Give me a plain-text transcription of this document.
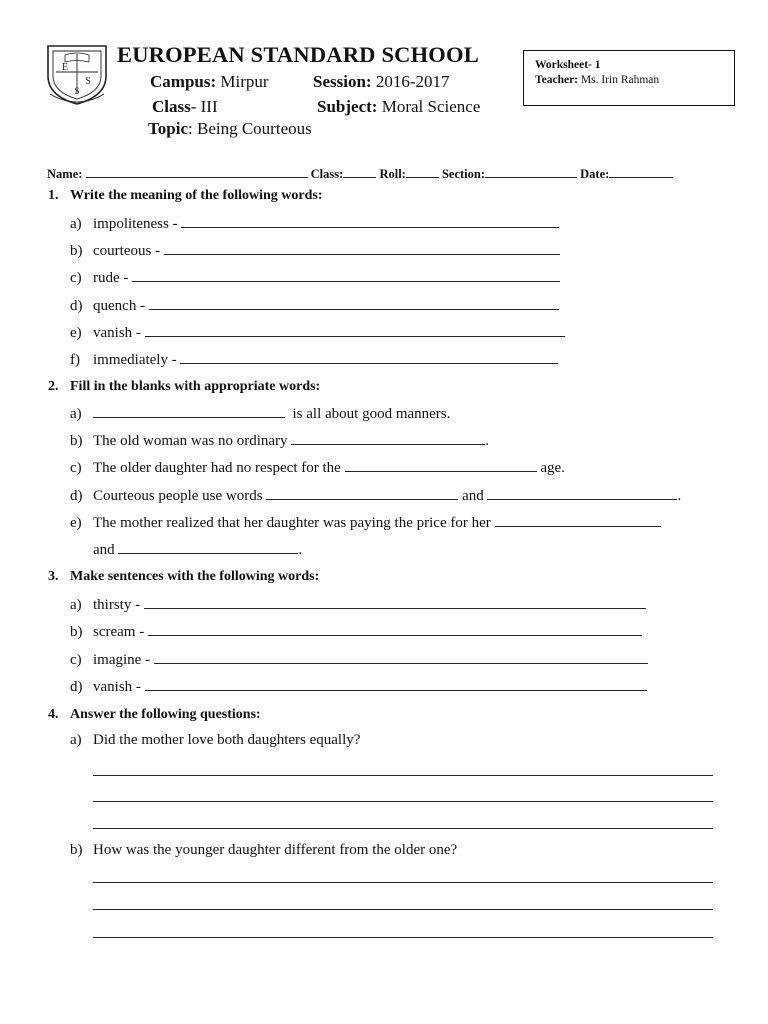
E
S
S
EUROPEAN STANDARD SCHOOL
Campus: Mirpur	Session: 2016-2017
Class- III	Subject: Moral Science
Topic: Being Courteous
Worksheet- 1
Teacher: Ms. Irin Rahman
Name:	Class:	Roll:	Section:	Date:
1. Write the meaning of the following words:
a) impoliteness -
b) courteous -
c) rude -
d) quench -
e) vanish -
f) immediately -
2. Fill in the blanks with appropriate words:
a)	is all about good manners.
b) The old woman was no ordinary	.
c) The older daughter had no respect for the	age.
d) Courteous people use words	and	.
e) The mother realized that her daughter was paying the price for her
and	.
3. Make sentences with the following words:
a) thirsty -
b) scream -
c) imagine -
d) vanish -
4. Answer the following questions:
a) Did the mother love both daughters equally?
b) How was the younger daughter different from the older one?
